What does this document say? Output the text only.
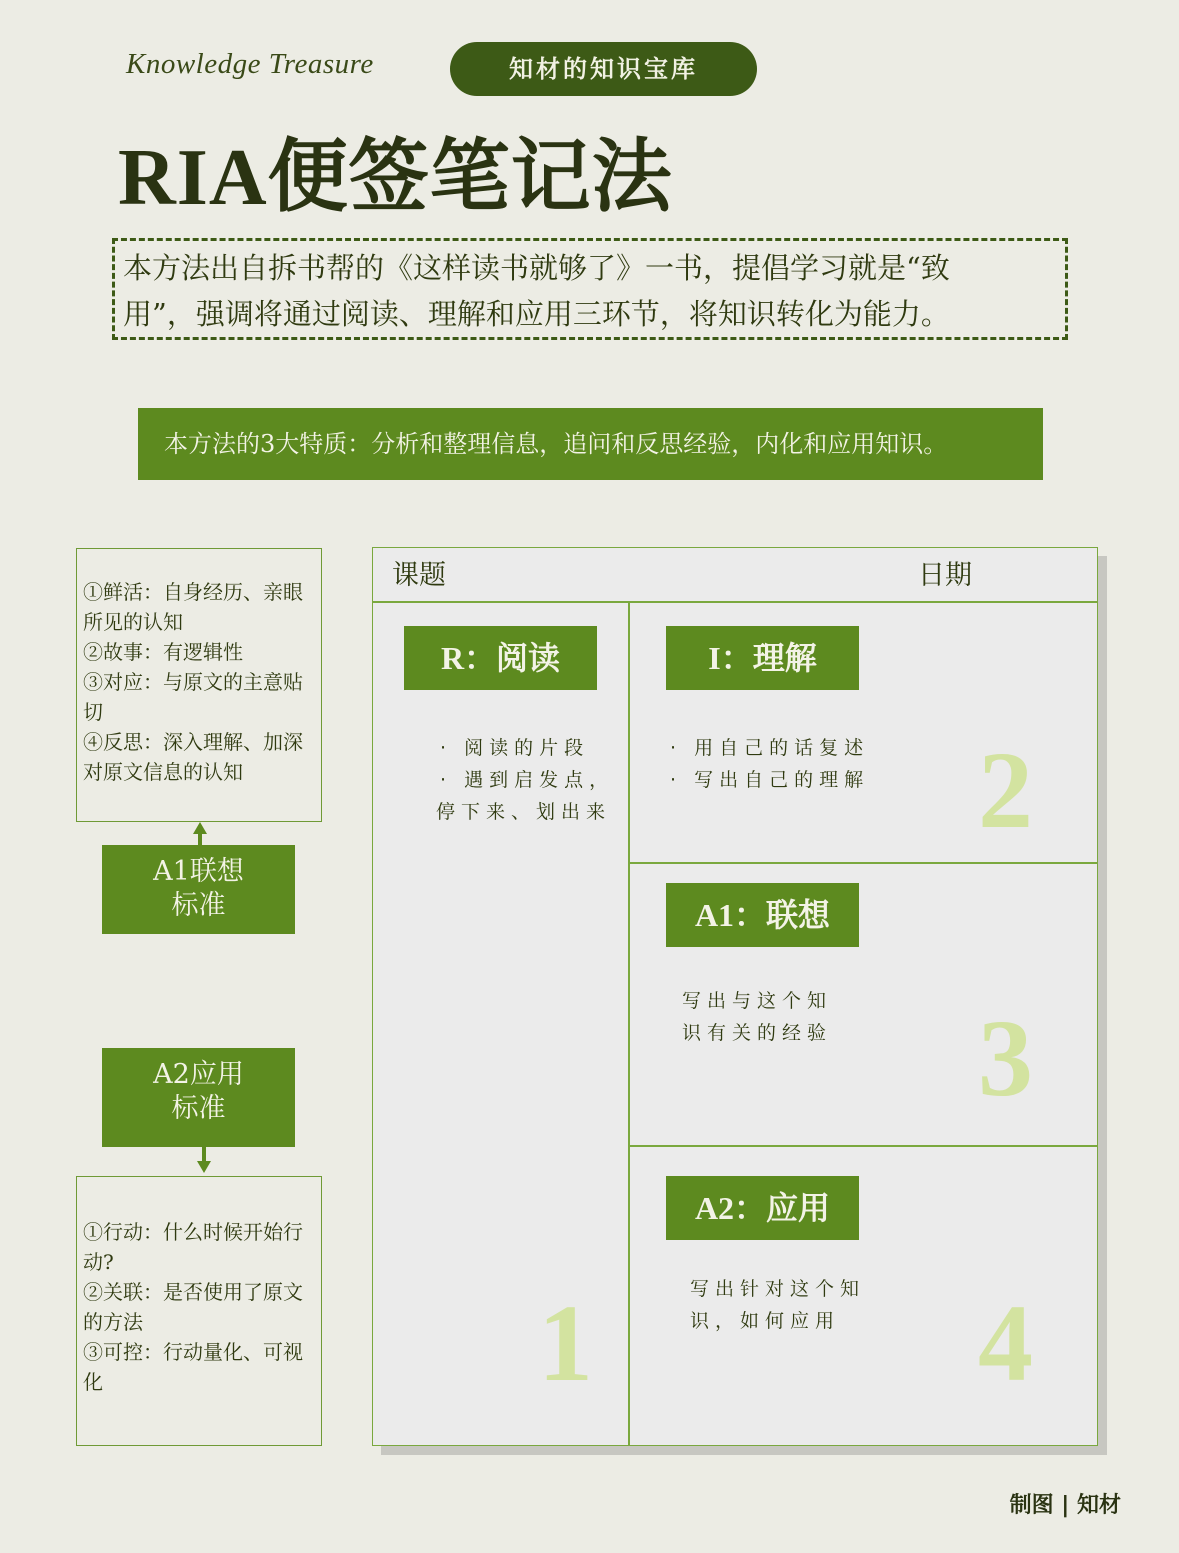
Knowledge Treasure	知材的知识宝库
RIA便签笔记法
本方法出自拆书帮的《这样读书就够了》一书，提倡学习就是“致
用”，强调将通过阅读、理解和应用三环节，将知识转化为能力。
本方法的3大特质：分析和整理信息，追问和反思经验，内化和应用知识。
①鲜活：自身经历、亲眼所见的认知
②故事：有逻辑性
③对应：与原文的主意贴切
④反思：深入理解、加深对原文信息的认知
A1联想
标准
A2应用
标准
①行动：什么时候开始行动?
②关联：是否使用了原文的方法
③可控：行动量化、可视化
课题	日期
R：阅读
· 阅读的片段
· 遇到启发点，
停下来、划出来
1
I：理解
· 用自己的话复述
· 写出自己的理解 2
A1：联想
写出与这个知
识有关的经验 3
A2：应用
写出针对这个知
识，如何应用 4
制图 | 知材
